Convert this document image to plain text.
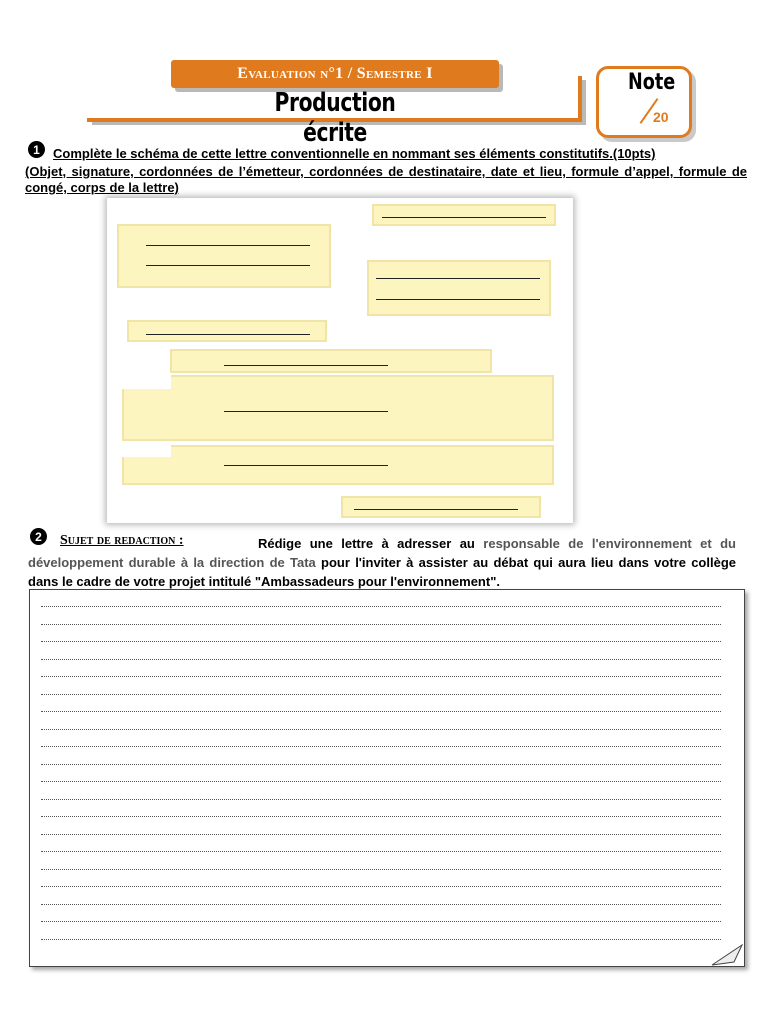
Evaluation n°1 / Semestre I
Production écrite
Note
20
1	Complète le schéma de cette lettre conventionnelle en nommant ses éléments constitutifs.(10pts)
(Objet, signature, cordonnées de l’émetteur, cordonnées de destinataire, date et lieu, formule d’appel, formule de congé, corps de la lettre)
2	Rédige une lettre à adresser au responsable de l'environnement et du développement durable à la direction de Tata pour l'inviter à assister au débat qui aura lieu dans votre collège dans le cadre de votre projet intitulé "Ambassadeurs pour l'environnement".
Sujet de redaction :
